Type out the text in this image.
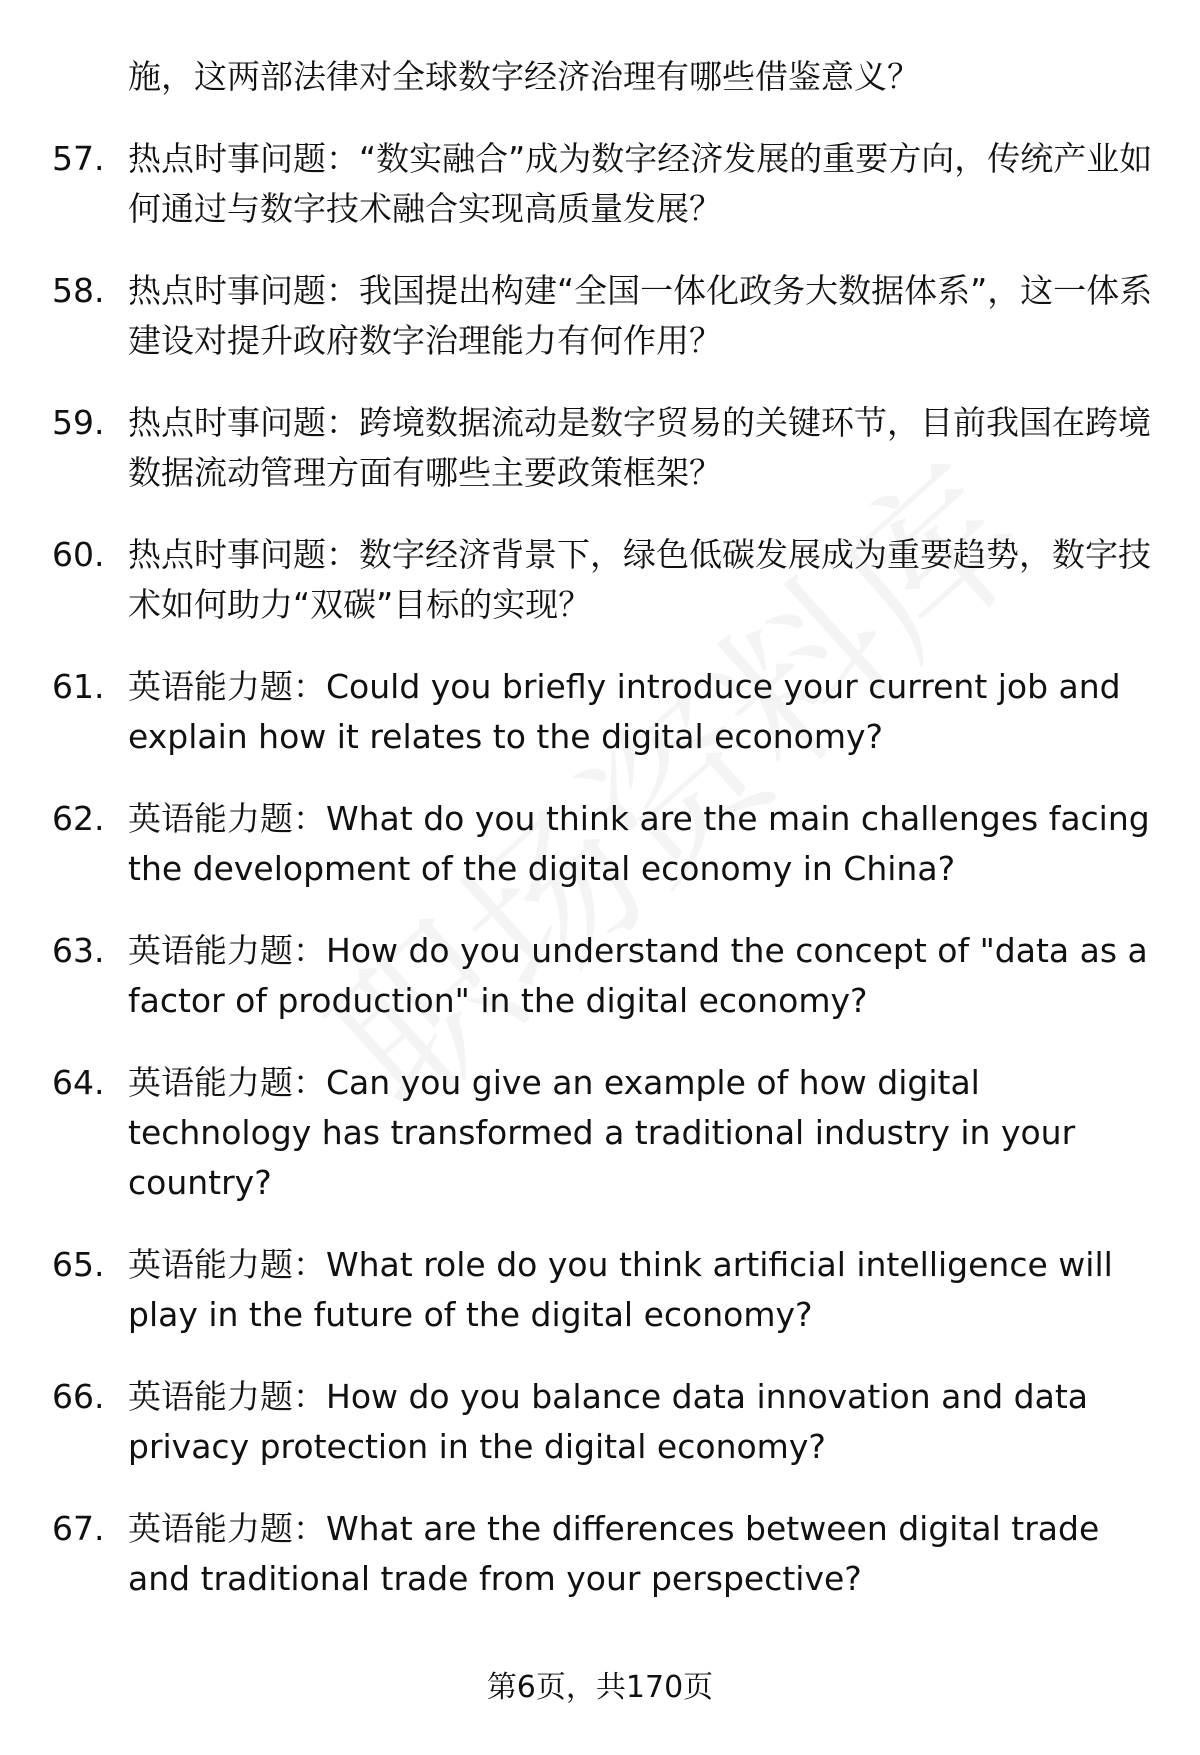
施，这两部法律对全球数字经济治理有哪些借鉴意义？

57. 热点时事问题：“数实融合”成为数字经济发展的重要方向，传统产业如何通过与数字技术融合实现高质量发展？
58. 热点时事问题：我国提出构建“全国一体化政务大数据体系”，这一体系建设对提升政府数字治理能力有何作用？
59. 热点时事问题：跨境数据流动是数字贸易的关键环节，目前我国在跨境数据流动管理方面有哪些主要政策框架？
60. 热点时事问题：数字经济背景下，绿色低碳发展成为重要趋势，数字技术如何助力“双碳”目标的实现？
61. 英语能力题：Could you briefly introduce your current job and explain how it relates to the digital economy?
62. 英语能力题：What do you think are the main challenges facing the development of the digital economy in China?
63. 英语能力题：How do you understand the concept of "data as a factor of production" in the digital economy?
64. 英语能力题：Can you give an example of how digital technology has transformed a traditional industry in your country?
65. 英语能力题：What role do you think artificial intelligence will play in the future of the digital economy?
66. 英语能力题：How do you balance data innovation and data privacy protection in the digital economy?
67. 英语能力题：What are the differences between digital trade and traditional trade from your perspective?
第6页，共170页
